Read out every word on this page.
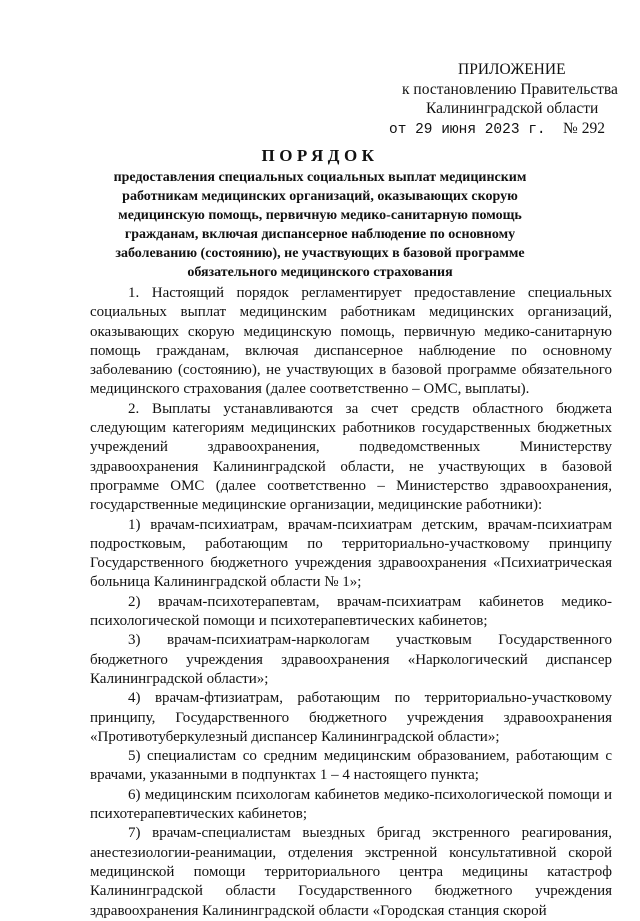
ПРИЛОЖЕНИЕ
к постановлению Правительства
Калининградской области
от 29 июня 2023 г. № 292
ПОРЯДОК
предоставления специальных социальных выплат медицинским работникам медицинских организаций, оказывающих скорую медицинскую помощь, первичную медико-санитарную помощь гражданам, включая диспансерное наблюдение по основному заболеванию (состоянию), не участвующих в базовой программе обязательного медицинского страхования

1. Настоящий порядок регламентирует предоставление специальных социальных выплат медицинским работникам медицинских организаций, оказывающих скорую медицинскую помощь, первичную медико-санитарную помощь гражданам, включая диспансерное наблюдение по основному заболеванию (состоянию), не участвующих в базовой программе обязательного медицинского страхования (далее соответственно – ОМС, выплаты).

2. Выплаты устанавливаются за счет средств областного бюджета следующим категориям медицинских работников государственных бюджетных учреждений здравоохранения, подведомственных Министерству здравоохранения Калининградской области, не участвующих в базовой программе ОМС (далее соответственно – Министерство здравоохранения, государственные медицинские организации, медицинские работники):

1) врачам-психиатрам, врачам-психиатрам детским, врачам-психиатрам подростковым, работающим по территориально-участковому принципу Государственного бюджетного учреждения здравоохранения «Психиатрическая больница Калининградской области № 1»;

2) врачам-психотерапевтам, врачам-психиатрам кабинетов медико-психологической помощи и психотерапевтических кабинетов;

3) врачам-психиатрам-наркологам участковым Государственного бюджетного учреждения здравоохранения «Наркологический диспансер Калининградской области»;

4) врачам-фтизиатрам, работающим по территориально-участковому принципу, Государственного бюджетного учреждения здравоохранения «Противотуберкулезный диспансер Калининградской области»;

5) специалистам со средним медицинским образованием, работающим с врачами, указанными в подпунктах 1 – 4 настоящего пункта;

6) медицинским психологам кабинетов медико-психологической помощи и психотерапевтических кабинетов;

7) врачам-специалистам выездных бригад экстренного реагирования, анестезиологии-реанимации, отделения экстренной консультативной скорой медицинской помощи территориального центра медицины катастроф Калининградской области Государственного бюджетного учреждения здравоохранения Калининградской области «Городская станция скорой
